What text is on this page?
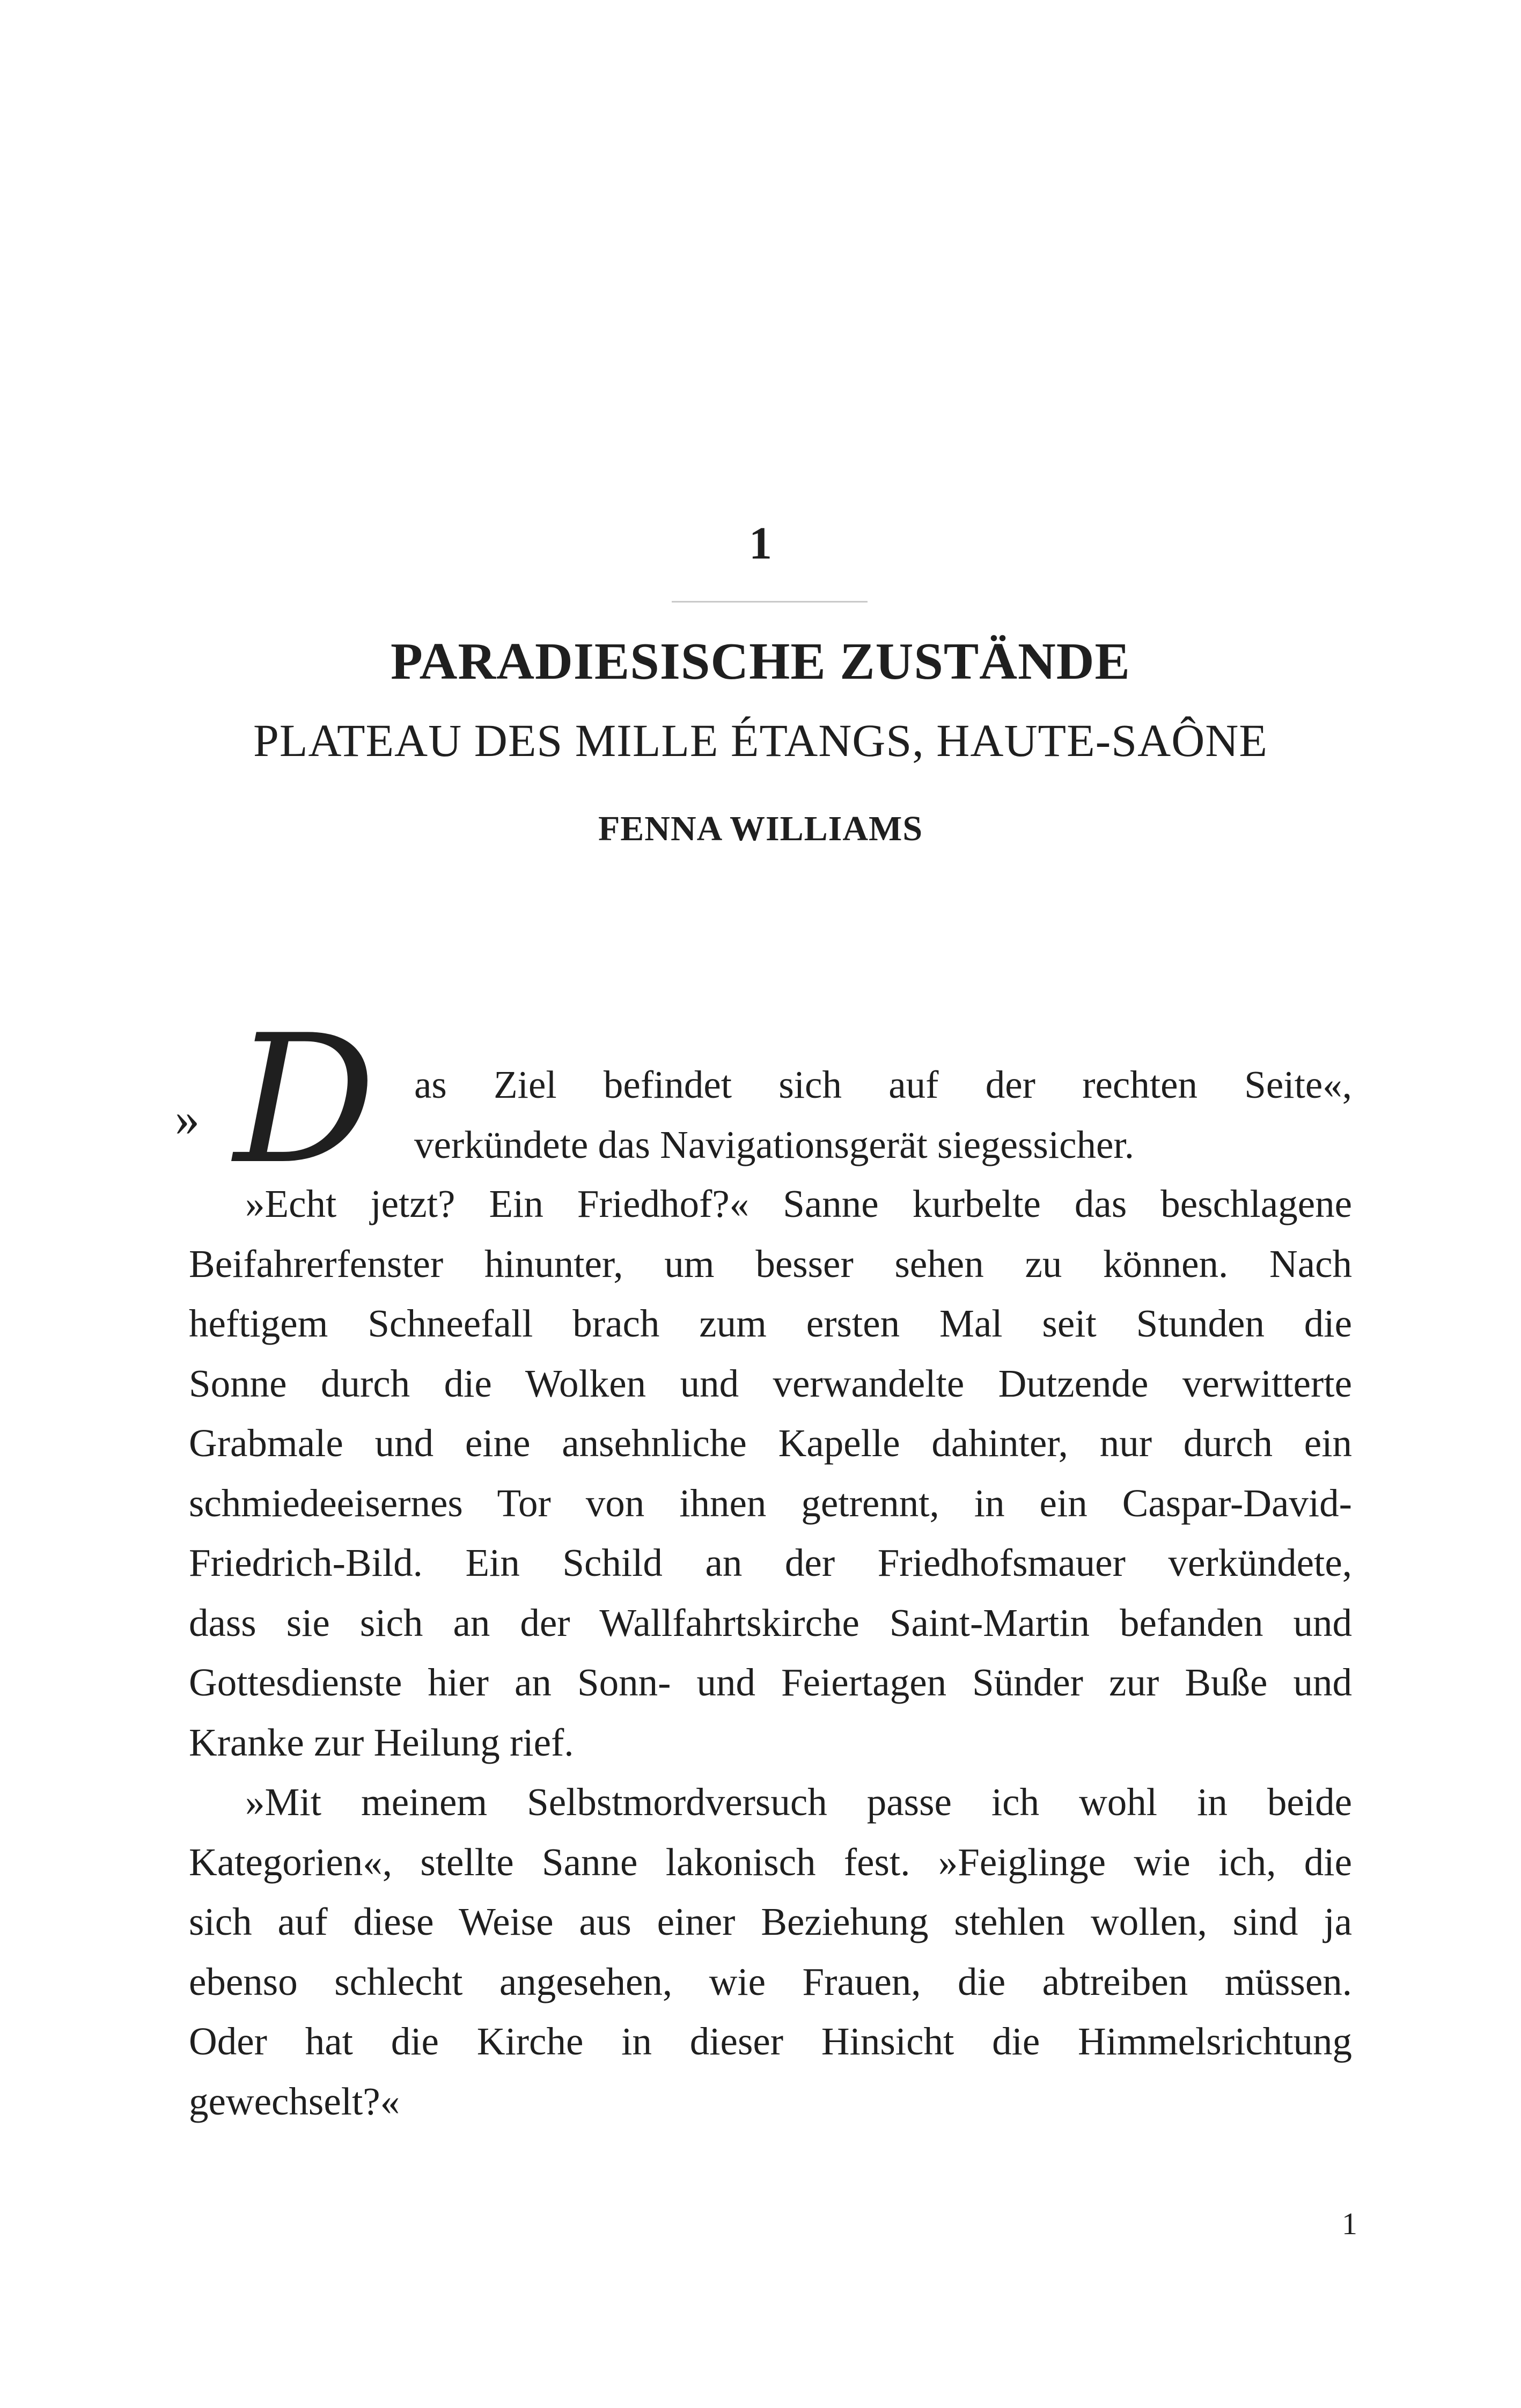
1
PARADIESISCHE ZUSTÄNDE
PLATEAU DES MILLE ÉTANGS, HAUTE-SAÔNE
FENNA WILLIAMS
» D as Ziel befindet sich auf der rechten Seite«,
verkündete das Navigationsgerät siegessicher.
»Echt jetzt? Ein Friedhof?« Sanne kurbelte das beschlagene
Beifahrerfenster hinunter, um besser sehen zu können. Nach
heftigem Schneefall brach zum ersten Mal seit Stunden die
Sonne durch die Wolken und verwandelte Dutzende verwitterte
Grabmale und eine ansehnliche Kapelle dahinter, nur durch ein
schmiedeeisernes Tor von ihnen getrennt, in ein Caspar-David-
Friedrich-Bild. Ein Schild an der Friedhofsmauer verkündete,
dass sie sich an der Wallfahrtskirche Saint-Martin befanden und
Gottesdienste hier an Sonn- und Feiertagen Sünder zur Buße und
Kranke zur Heilung rief.
»Mit meinem Selbstmordversuch passe ich wohl in beide
Kategorien«, stellte Sanne lakonisch fest. »Feiglinge wie ich, die
sich auf diese Weise aus einer Beziehung stehlen wollen, sind ja
ebenso schlecht angesehen, wie Frauen, die abtreiben müssen.
Oder hat die Kirche in dieser Hinsicht die Himmelsrichtung
gewechselt?«
1
